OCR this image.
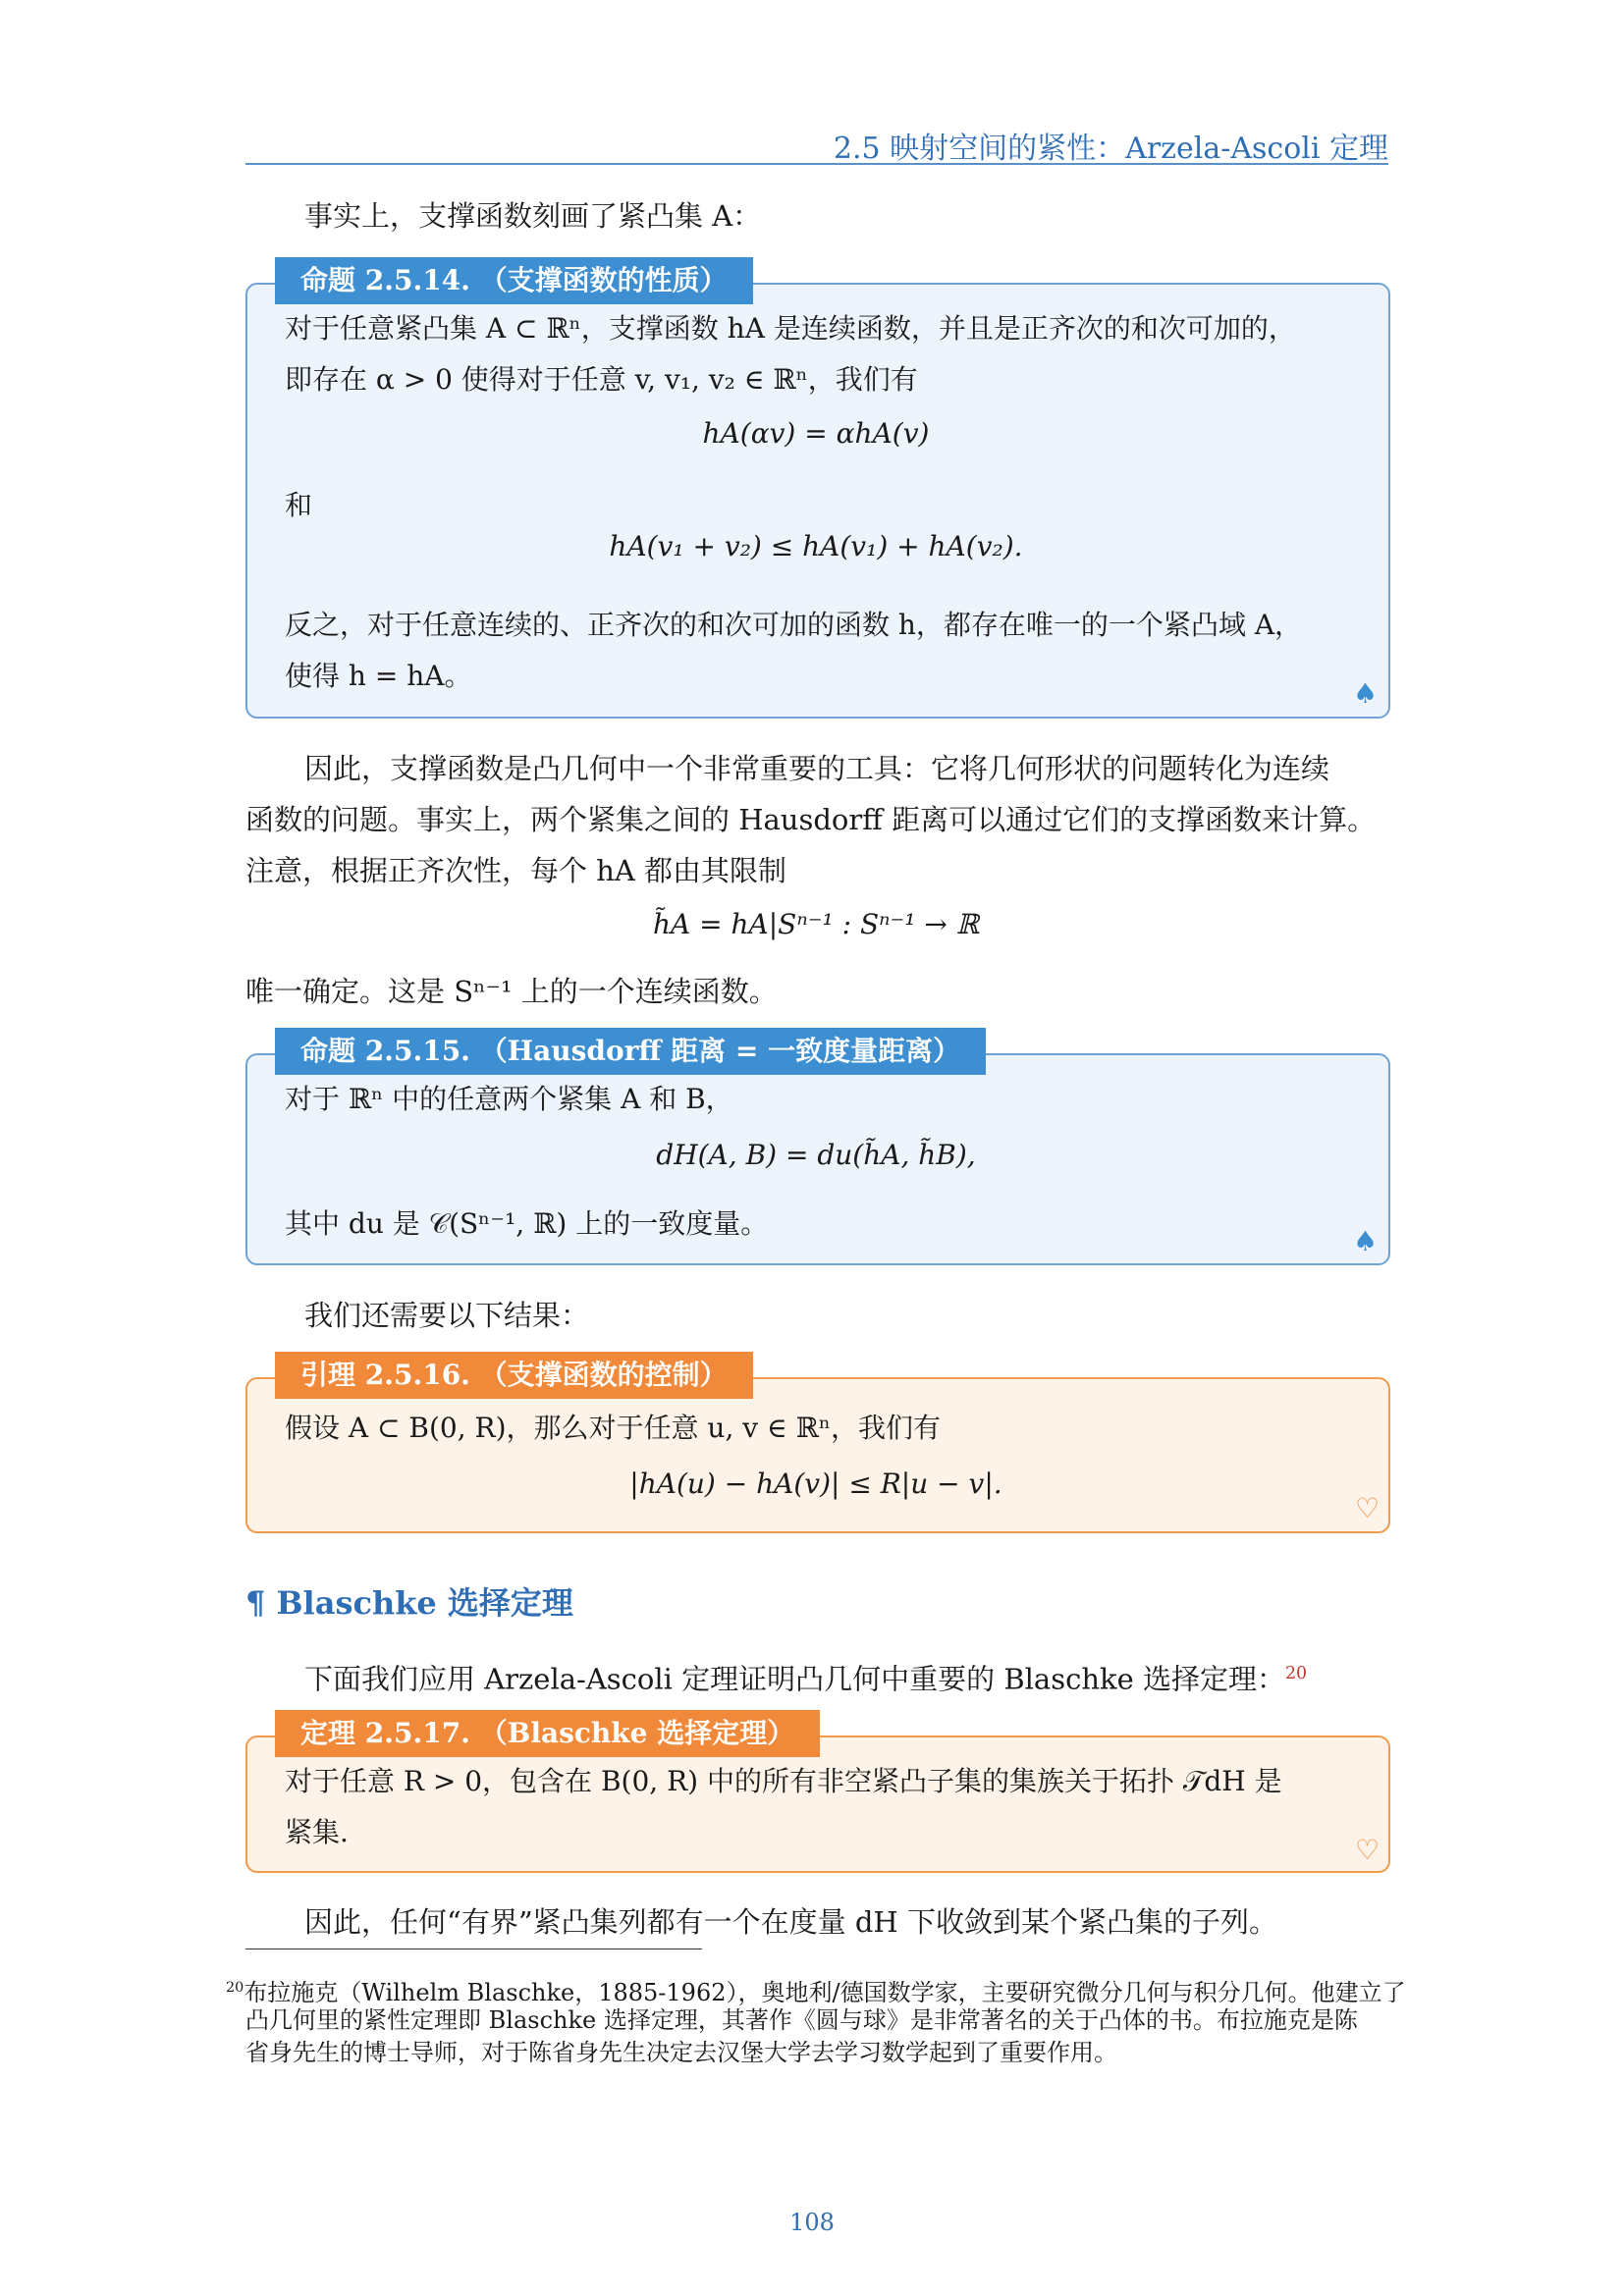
2.5 映射空间的紧性：Arzela-Ascoli 定理
事实上，支撑函数刻画了紧凸集 A：
命题 2.5.14. （支撑函数的性质）
对于任意紧凸集 A ⊂ ℝⁿ，支撑函数 hA 是连续函数，并且是正齐次的和次可加的，
即存在 α > 0 使得对于任意 v, v₁, v₂ ∈ ℝⁿ，我们有
hA(αv) = αhA(v)
和
hA(v₁ + v₂) ≤ hA(v₁) + hA(v₂).
反之，对于任意连续的、正齐次的和次可加的函数 h，都存在唯一的一个紧凸域 A，
使得 h = hA。
♠
因此，支撑函数是凸几何中一个非常重要的工具：它将几何形状的问题转化为连续
函数的问题。事实上，两个紧集之间的 Hausdorff 距离可以通过它们的支撑函数来计算。
注意，根据正齐次性，每个 hA 都由其限制
h̃A = hA|Sⁿ⁻¹ : Sⁿ⁻¹ → ℝ
唯一确定。这是 Sⁿ⁻¹ 上的一个连续函数。
命题 2.5.15. （Hausdorff 距离 = 一致度量距离）
对于 ℝⁿ 中的任意两个紧集 A 和 B，
dH(A, B) = du(h̃A, h̃B),
其中 du 是 𝒞(Sⁿ⁻¹, ℝ) 上的一致度量。
♠
我们还需要以下结果：
引理 2.5.16. （支撑函数的控制）
假设 A ⊂ B(0, R)，那么对于任意 u, v ∈ ℝⁿ，我们有
|hA(u) − hA(v)| ≤ R|u − v|.
♡
¶ Blaschke 选择定理
下面我们应用 Arzela-Ascoli 定理证明凸几何中重要的 Blaschke 选择定理：$^{20}$
定理 2.5.17. （Blaschke 选择定理）
对于任意 R > 0，包含在 B(0, R) 中的所有非空紧凸子集的集族关于拓扑 𝒯dH 是
紧集.
♡
因此，任何“有界”紧凸集列都有一个在度量 dH 下收敛到某个紧凸集的子列。
$^{20}$布拉施克（Wilhelm Blaschke，1885-1962），奥地利/德国数学家，主要研究微分几何与积分几何。他建立了
凸几何里的紧性定理即 Blaschke 选择定理，其著作《圆与球》是非常著名的关于凸体的书。布拉施克是陈
省身先生的博士导师，对于陈省身先生决定去汉堡大学去学习数学起到了重要作用。
108
